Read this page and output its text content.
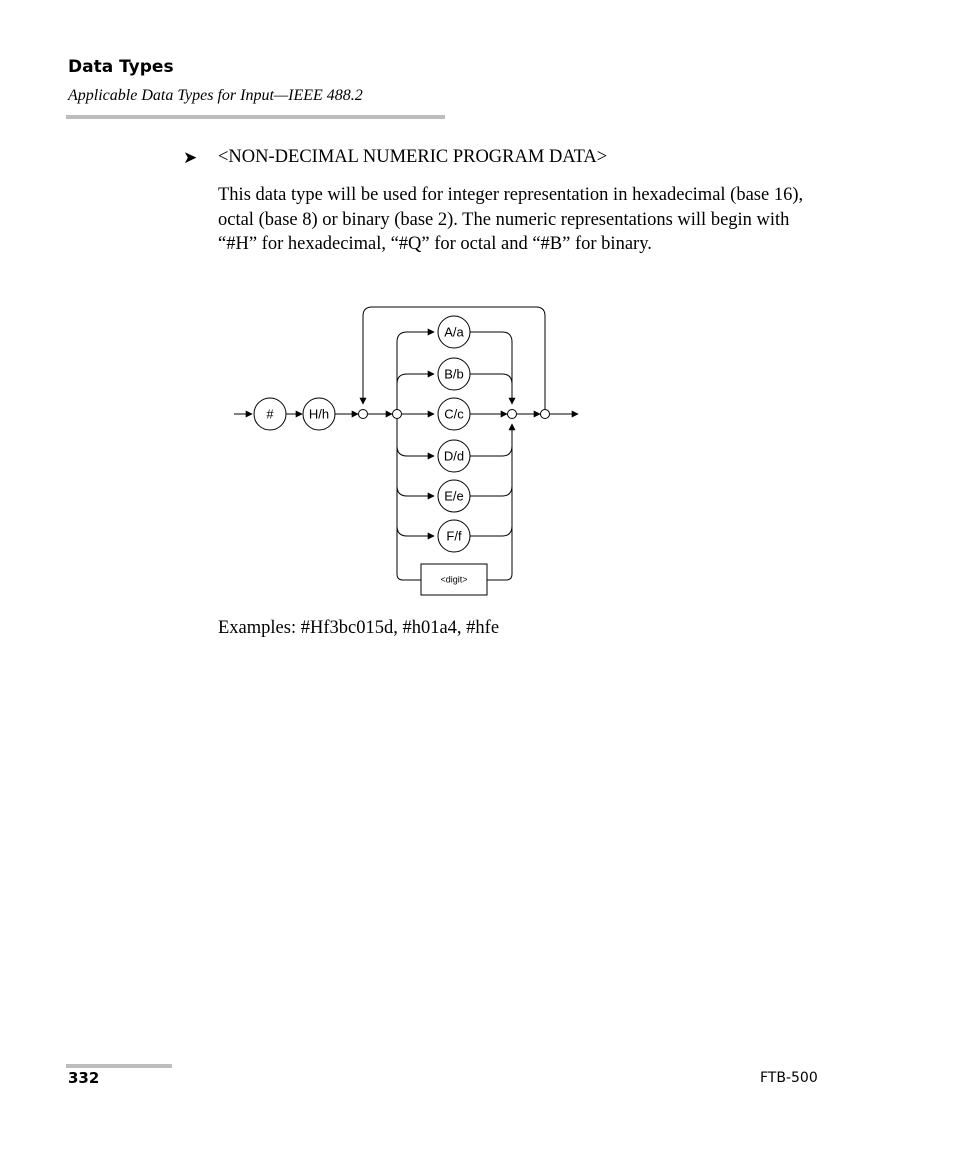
Data Types
Applicable Data Types for Input—IEEE 488.2
➤ <NON-DECIMAL NUMERIC PROGRAM DATA>
This data type will be used for integer representation in hexadecimal (base 16), octal (base 8) or binary (base 2). The numeric representations will begin with “#H” for hexadecimal, “#Q” for octal and “#B” for binary.
#	H/h
A/a
B/b
C/c
D/d
E/e
F/f
<digit>
Examples: #Hf3bc015d, #h01a4, #hfe
332	FTB-500
